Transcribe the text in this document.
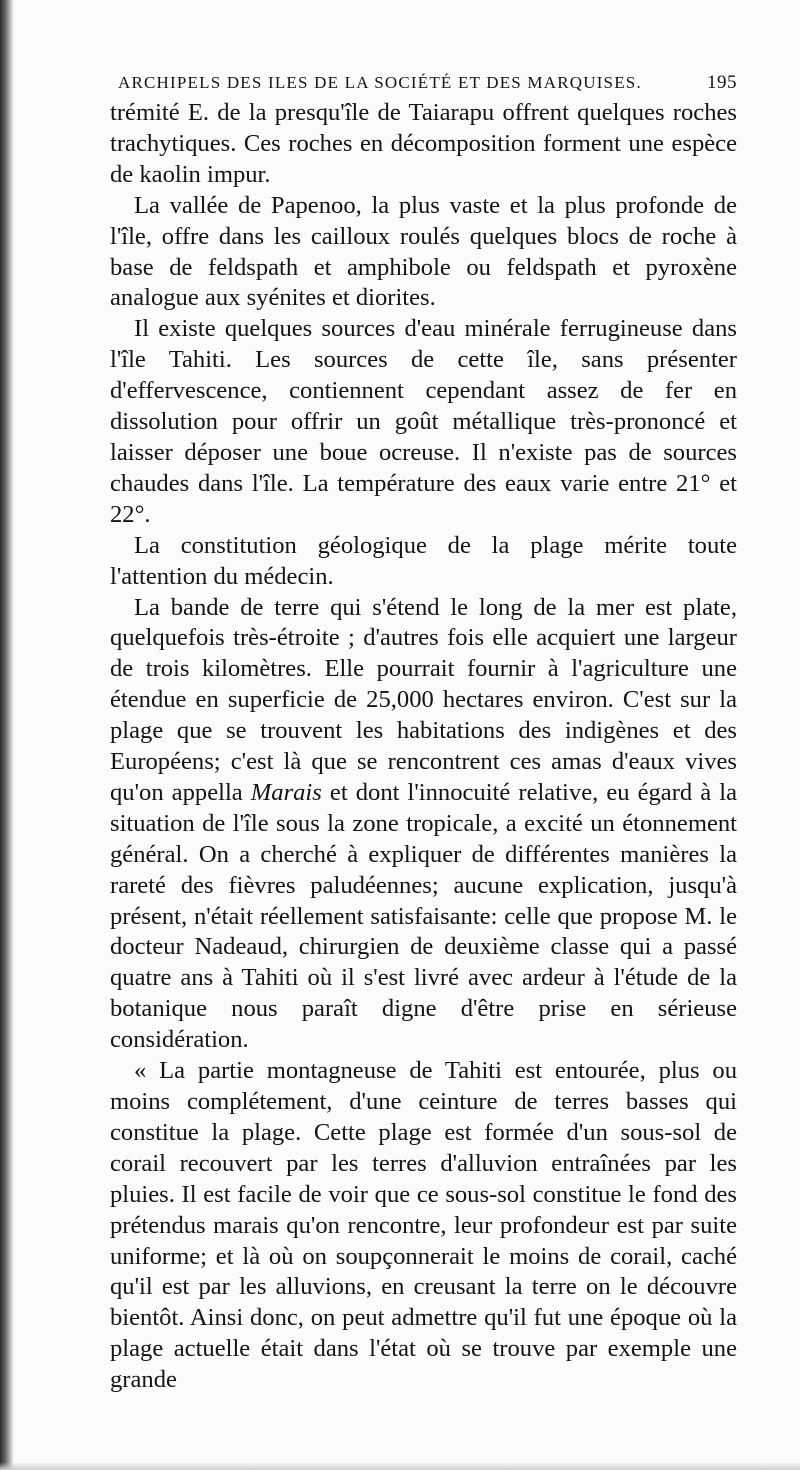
ARCHIPELS DES ILES DE LA SOCIÉTÉ ET DES MARQUISES.	195

trémité E. de la presqu'île de Taiarapu offrent quelques roches trachytiques. Ces roches en décomposition forment une espèce de kaolin impur.

La vallée de Papenoo, la plus vaste et la plus profonde de l'île, offre dans les cailloux roulés quelques blocs de roche à base de feldspath et amphibole ou feldspath et pyroxène analogue aux syénites et diorites.

Il existe quelques sources d'eau minérale ferrugineuse dans l'île Tahiti. Les sources de cette île, sans présenter d'effervescence, contiennent cependant assez de fer en dissolution pour offrir un goût métallique très-prononcé et laisser déposer une boue ocreuse. Il n'existe pas de sources chaudes dans l'île. La température des eaux varie entre 21° et 22°.

La constitution géologique de la plage mérite toute l'attention du médecin.

La bande de terre qui s'étend le long de la mer est plate, quelquefois très-étroite ; d'autres fois elle acquiert une largeur de trois kilomètres. Elle pourrait fournir à l'agriculture une étendue en superficie de 25,000 hectares environ. C'est sur la plage que se trouvent les habitations des indigènes et des Européens; c'est là que se rencontrent ces amas d'eaux vives qu'on appella Marais et dont l'innocuité relative, eu égard à la situation de l'île sous la zone tropicale, a excité un étonnement général. On a cherché à expliquer de différentes manières la rareté des fièvres paludéennes; aucune explication, jusqu'à présent, n'était réellement satisfaisante: celle que propose M. le docteur Nadeaud, chirurgien de deuxième classe qui a passé quatre ans à Tahiti où il s'est livré avec ardeur à l'étude de la botanique nous paraît digne d'être prise en sérieuse considération.

« La partie montagneuse de Tahiti est entourée, plus ou moins complétement, d'une ceinture de terres basses qui constitue la plage. Cette plage est formée d'un sous-sol de corail recouvert par les terres d'alluvion entraînées par les pluies. Il est facile de voir que ce sous-sol constitue le fond des prétendus marais qu'on rencontre, leur profondeur est par suite uniforme; et là où on soupçonnerait le moins de corail, caché qu'il est par les alluvions, en creusant la terre on le découvre bientôt. Ainsi donc, on peut admettre qu'il fut une époque où la plage actuelle était dans l'état où se trouve par exemple une grande
